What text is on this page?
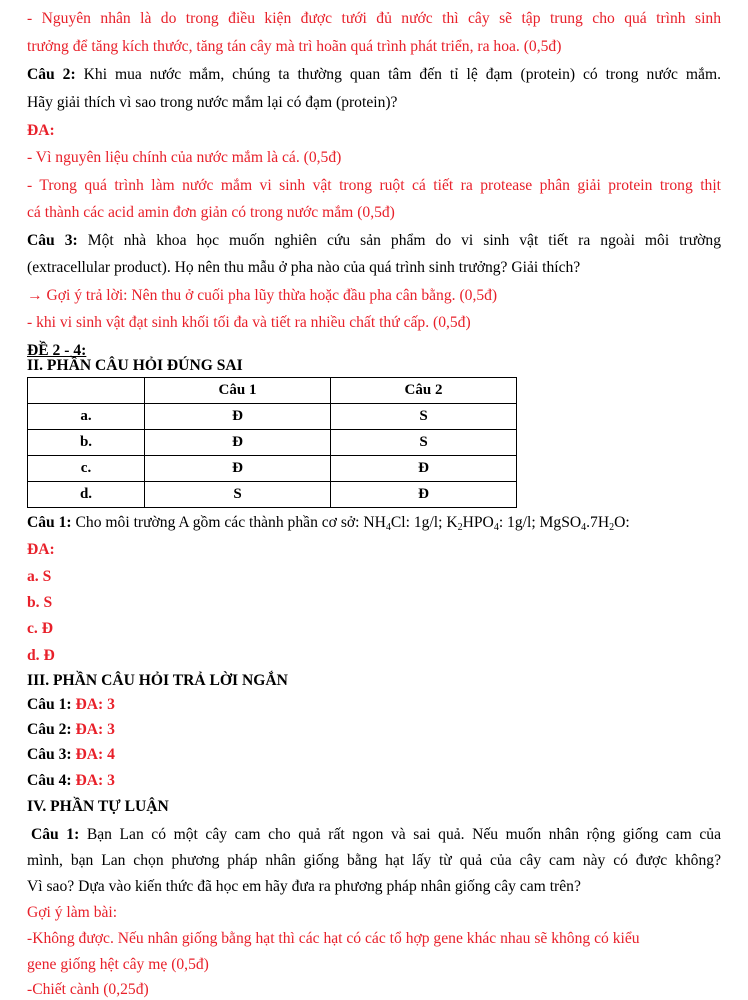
- Nguyên nhân là do trong điều kiện được tưới đủ nước thì cây sẽ tập trung cho quá trình sinh
trưởng để tăng kích thước, tăng tán cây mà trì hoãn quá trình phát triển, ra hoa. (0,5đ)
Câu 2: Khi mua nước mắm, chúng ta thường quan tâm đến tỉ lệ đạm (protein) có trong nước mắm.
Hãy giải thích vì sao trong nước mắm lại có đạm (protein)?
ĐA:
- Vì nguyên liệu chính của nước mắm là cá. (0,5đ)
- Trong quá trình làm nước mắm vi sinh vật trong ruột cá tiết ra protease phân giải protein trong thịt
cá thành các acid amin đơn giản có trong nước mắm (0,5đ)
Câu 3: Một nhà khoa học muốn nghiên cứu sản phẩm do vi sinh vật tiết ra ngoài môi trường
(extracellular product). Họ nên thu mẫu ở pha nào của quá trình sinh trưởng? Giải thích?
→ Gợi ý trả lời: Nên thu ở cuối pha lũy thừa hoặc đầu pha cân bằng. (0,5đ)
- khi vi sinh vật đạt sinh khối tối đa và tiết ra nhiều chất thứ cấp. (0,5đ)
ĐỀ 2 - 4:
II. PHẦN CÂU HỎI ĐÚNG SAI
	Câu 1	Câu 2
a.	Đ	S
b.	Đ	S
c.	Đ	Đ
d.	S	Đ
Câu 1: Cho môi trường A gồm các thành phần cơ sở: $NH_4Cl$: 1g/l; $K_2HPO_4$: 1g/l; $MgSO_4.7H_2O$:
ĐA:
a. S
b. S
c. Đ
d. Đ
III. PHẦN CÂU HỎI TRẢ LỜI NGẮN
Câu 1: ĐA: 3
Câu 2: ĐA: 3
Câu 3: ĐA: 4
Câu 4: ĐA: 3
IV. PHẦN TỰ LUẬN
Câu 1: Bạn Lan có một cây cam cho quả rất ngon và sai quả. Nếu muốn nhân rộng giống cam của
mình, bạn Lan chọn phương pháp nhân giống bằng hạt lấy từ quả của cây cam này có được không?
Vì sao? Dựa vào kiến thức đã học em hãy đưa ra phương pháp nhân giống cây cam trên?
Gợi ý làm bài:
-Không được. Nếu nhân giống bằng hạt thì các hạt có các tổ hợp gene khác nhau sẽ không có kiểu
gene giống hệt cây mẹ (0,5đ)
-Chiết cành (0,25đ)
